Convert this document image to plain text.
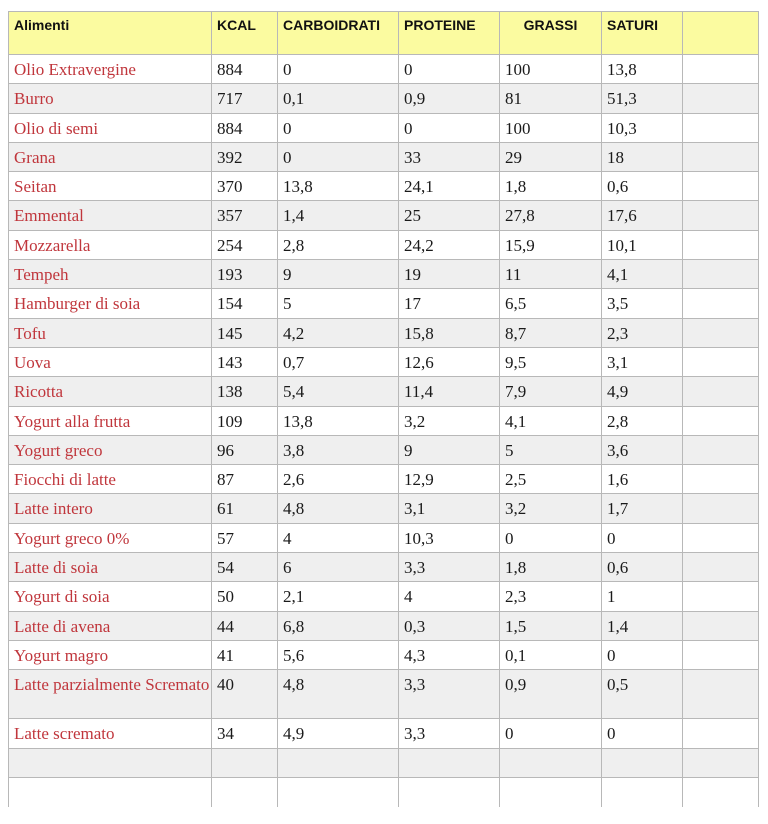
Alimenti	KCAL	CARBOIDRATI	PROTEINE	GRASSI	SATURI	
Olio Extravergine	884	0	0	100	13,8	
Burro	717	0,1	0,9	81	51,3	
Olio di semi	884	0	0	100	10,3	
Grana	392	0	33	29	18	
Seitan	370	13,8	24,1	1,8	0,6	
Emmental	357	1,4	25	27,8	17,6	
Mozzarella	254	2,8	24,2	15,9	10,1	
Tempeh	193	9	19	11	4,1	
Hamburger di soia	154	5	17	6,5	3,5	
Tofu	145	4,2	15,8	8,7	2,3	
Uova	143	0,7	12,6	9,5	3,1	
Ricotta	138	5,4	11,4	7,9	4,9	
Yogurt alla frutta	109	13,8	3,2	4,1	2,8	
Yogurt greco	96	3,8	9	5	3,6	
Fiocchi di latte	87	2,6	12,9	2,5	1,6	
Latte intero	61	4,8	3,1	3,2	1,7	
Yogurt greco 0%	57	4	10,3	0	0	
Latte di soia	54	6	3,3	1,8	0,6	
Yogurt di soia	50	2,1	4	2,3	1	
Latte di avena	44	6,8	0,3	1,5	1,4	
Yogurt magro	41	5,6	4,3	0,1	0	
Latte parzialmente Scremato	40	4,8	3,3	0,9	0,5	
Latte scremato	34	4,9	3,3	0	0	
